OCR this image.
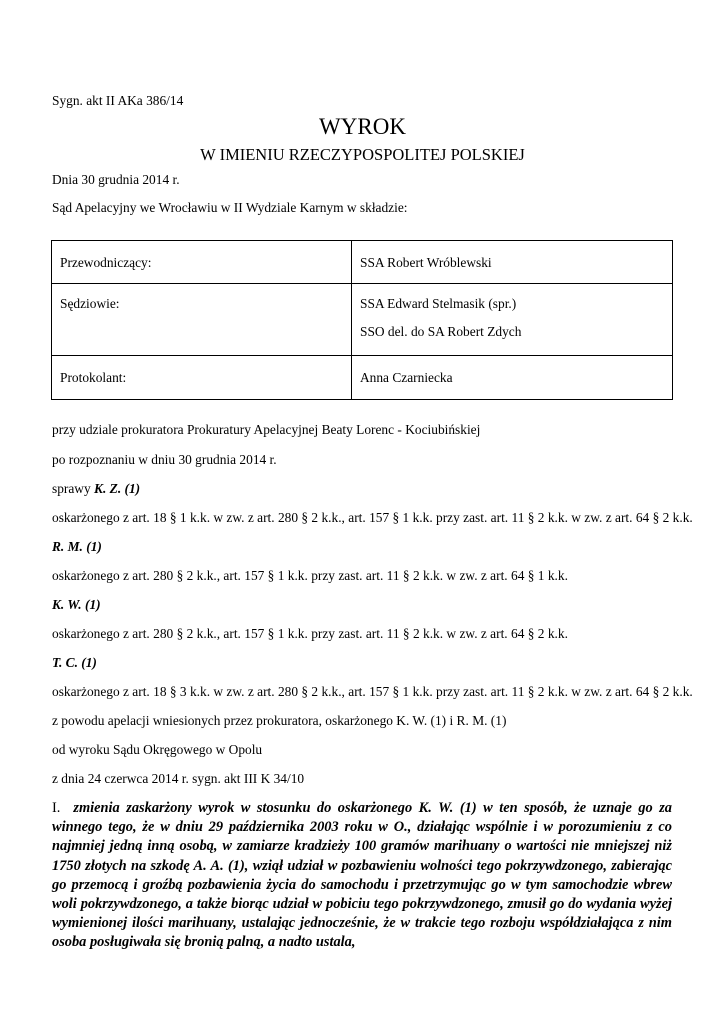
Sygn. akt II AKa 386/14
WYROK
W IMIENIU RZECZYPOSPOLITEJ POLSKIEJ
Dnia 30 grudnia 2014 r.
Sąd Apelacyjny we Wrocławiu w II Wydziale Karnym w składzie:
Przewodniczący:	SSA Robert Wróblewski
Sędziowie:	SSA Edward Stelmasik (spr.)
SSO del. do SA Robert Zdych

Protokolant:	Anna Czarniecka
przy udziale prokuratora Prokuratury Apelacyjnej Beaty Lorenc - Kociubińskiej
po rozpoznaniu w dniu 30 grudnia 2014 r.
sprawy K. Z. (1)
oskarżonego z art. 18 § 1 k.k. w zw. z art. 280 § 2 k.k., art. 157 § 1 k.k. przy zast. art. 11 § 2 k.k. w zw. z art. 64 § 2 k.k.
R. M. (1)
oskarżonego z art. 280 § 2 k.k., art. 157 § 1 k.k. przy zast. art. 11 § 2 k.k. w zw. z art. 64 § 1 k.k.
K. W. (1)
oskarżonego z art. 280 § 2 k.k., art. 157 § 1 k.k. przy zast. art. 11 § 2 k.k. w zw. z art. 64 § 2 k.k.
T. C. (1)
oskarżonego z art. 18 § 3 k.k. w zw. z art. 280 § 2 k.k., art. 157 § 1 k.k. przy zast. art. 11 § 2 k.k. w zw. z art. 64 § 2 k.k.
z powodu apelacji wniesionych przez prokuratora, oskarżonego K. W. (1) i R. M. (1)
od wyroku Sądu Okręgowego w Opolu
z dnia 24 czerwca 2014 r. sygn. akt III K 34/10
I. zmienia zaskarżony wyrok w stosunku do oskarżonego K. W. (1) w ten sposób, że uznaje go za winnego tego, że w dniu 29 października 2003 roku w O., działając wspólnie i w porozumieniu z co najmniej jedną inną osobą, w zamiarze kradzieży 100 gramów marihuany o wartości nie mniejszej niż 1750 złotych na szkodę A. A. (1), wziął udział w pozbawieniu wolności tego pokrzywdzonego, zabierając go przemocą i groźbą pozbawienia życia do samochodu i przetrzymując go w tym samochodzie wbrew woli pokrzywdzonego, a także biorąc udział w pobiciu tego pokrzywdzonego, zmusił go do wydania wyżej wymienionej ilości marihuany, ustalając jednocześnie, że w trakcie tego rozboju współdziałająca z nim osoba posługiwała się bronią palną, a nadto ustala,
